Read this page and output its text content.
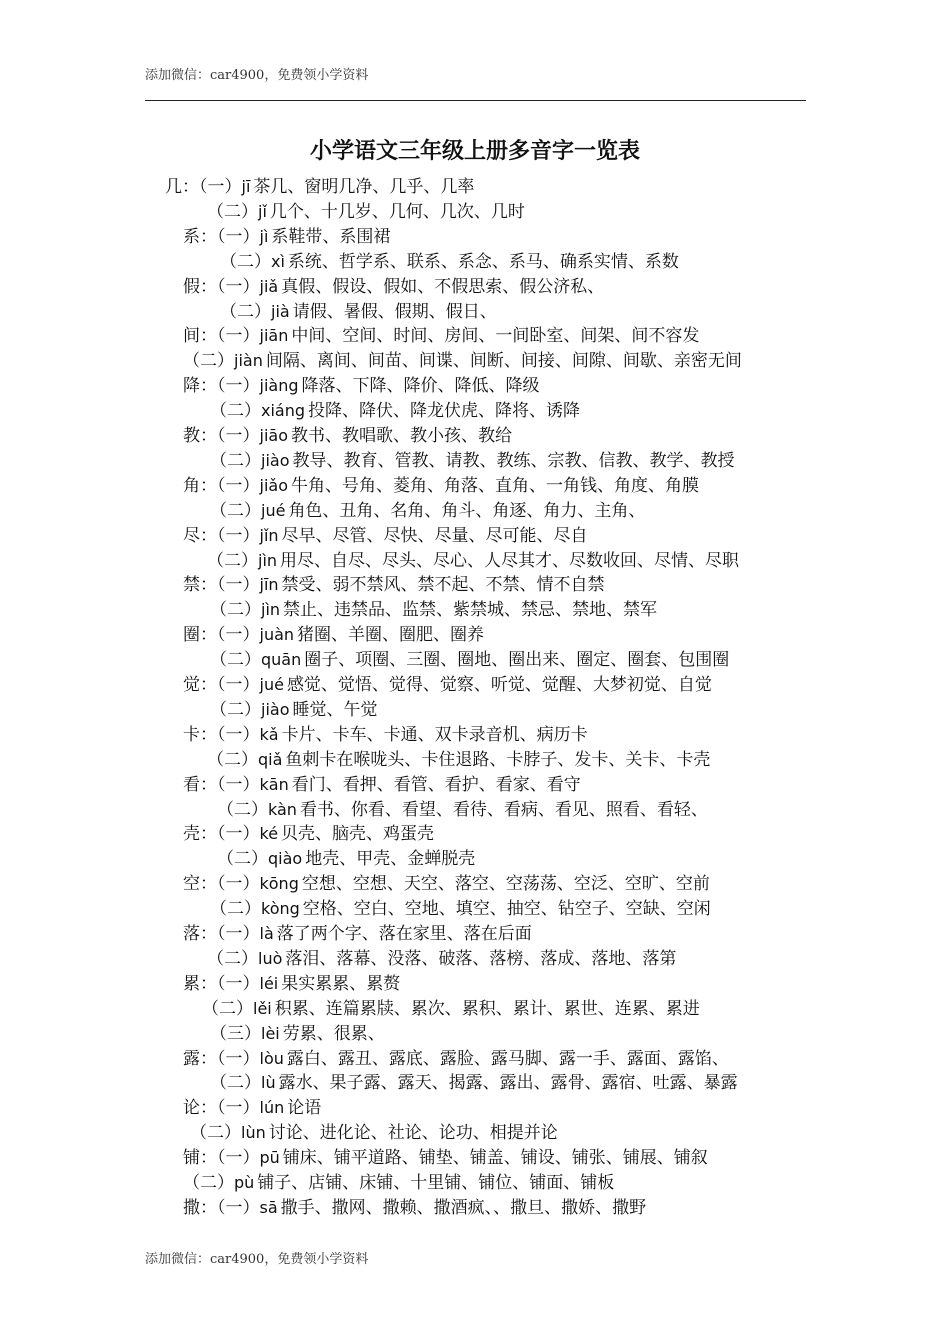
添加微信：car4900，免费领小学资料
小学语文三年级上册多音字一览表
几：（一）jī 茶几、窗明几净、几乎、几率
（二）jǐ 几个、十几岁、几何、几次、几时
系：（一）jì 系鞋带、系围裙
（二）xì 系统、哲学系、联系、系念、系马、确系实情、系数
假：（一）jiǎ 真假、假设、假如、不假思索、假公济私、
（二）jià 请假、暑假、假期、假日、
间：（一）jiān 中间、空间、时间、房间、一间卧室、间架、间不容发
（二）jiàn 间隔、离间、间苗、间谍、间断、间接、间隙、间歇、亲密无间
降：（一）jiàng 降落、下降、降价、降低、降级
（二）xiáng 投降、降伏、降龙伏虎、降将、诱降
教：（一）jiāo 教书、教唱歌、教小孩、教给
（二）jiào 教导、教育、管教、请教、教练、宗教、信教、教学、教授
角：（一）jiǎo 牛角、号角、菱角、角落、直角、一角钱、角度、角膜
（二）jué 角色、丑角、名角、角斗、角逐、角力、主角、
尽：（一）jǐn 尽早、尽管、尽快、尽量、尽可能、尽自
（二）jìn 用尽、自尽、尽头、尽心、人尽其才、尽数收回、尽情、尽职
禁：（一）jīn 禁受、弱不禁风、禁不起、不禁、情不自禁
（二）jìn 禁止、违禁品、监禁、紫禁城、禁忌、禁地、禁军
圈：（一）juàn 猪圈、羊圈、圈肥、圈养
（二）quān 圈子、项圈、三圈、圈地、圈出来、圈定、圈套、包围圈
觉：（一）jué 感觉、觉悟、觉得、觉察、听觉、觉醒、大梦初觉、自觉
（二）jiào 睡觉、午觉
卡：（一）kǎ 卡片、卡车、卡通、双卡录音机、病历卡
（二）qiǎ 鱼刺卡在喉咙头、卡住退路、卡脖子、发卡、关卡、卡壳
看：（一）kān 看门、看押、看管、看护、看家、看守
（二）kàn 看书、你看、看望、看待、看病、看见、照看、看轻、
壳：（一）ké 贝壳、脑壳、鸡蛋壳
（二）qiào 地壳、甲壳、金蝉脱壳
空：（一）kōng 空想、空想、天空、落空、空荡荡、空泛、空旷、空前
（二）kòng 空格、空白、空地、填空、抽空、钻空子、空缺、空闲
落：（一）là 落了两个字、落在家里、落在后面
（二）luò 落泪、落幕、没落、破落、落榜、落成、落地、落第
累：（一）léi 果实累累、累赘
（二）lěi 积累、连篇累牍、累次、累积、累计、累世、连累、累进
（三）lèi 劳累、很累、
露：（一）lòu 露白、露丑、露底、露脸、露马脚、露一手、露面、露馅、
（二）lù 露水、果子露、露天、揭露、露出、露骨、露宿、吐露、暴露
论：（一）lún 论语
（二）lùn 讨论、进化论、社论、论功、相提并论
铺：（一）pū 铺床、铺平道路、铺垫、铺盖、铺设、铺张、铺展、铺叙
（二）pù 铺子、店铺、床铺、十里铺、铺位、铺面、铺板
撒：（一）sā 撒手、撒网、撒赖、撒酒疯、、撒旦、撒娇、撒野
添加微信：car4900，免费领小学资料
